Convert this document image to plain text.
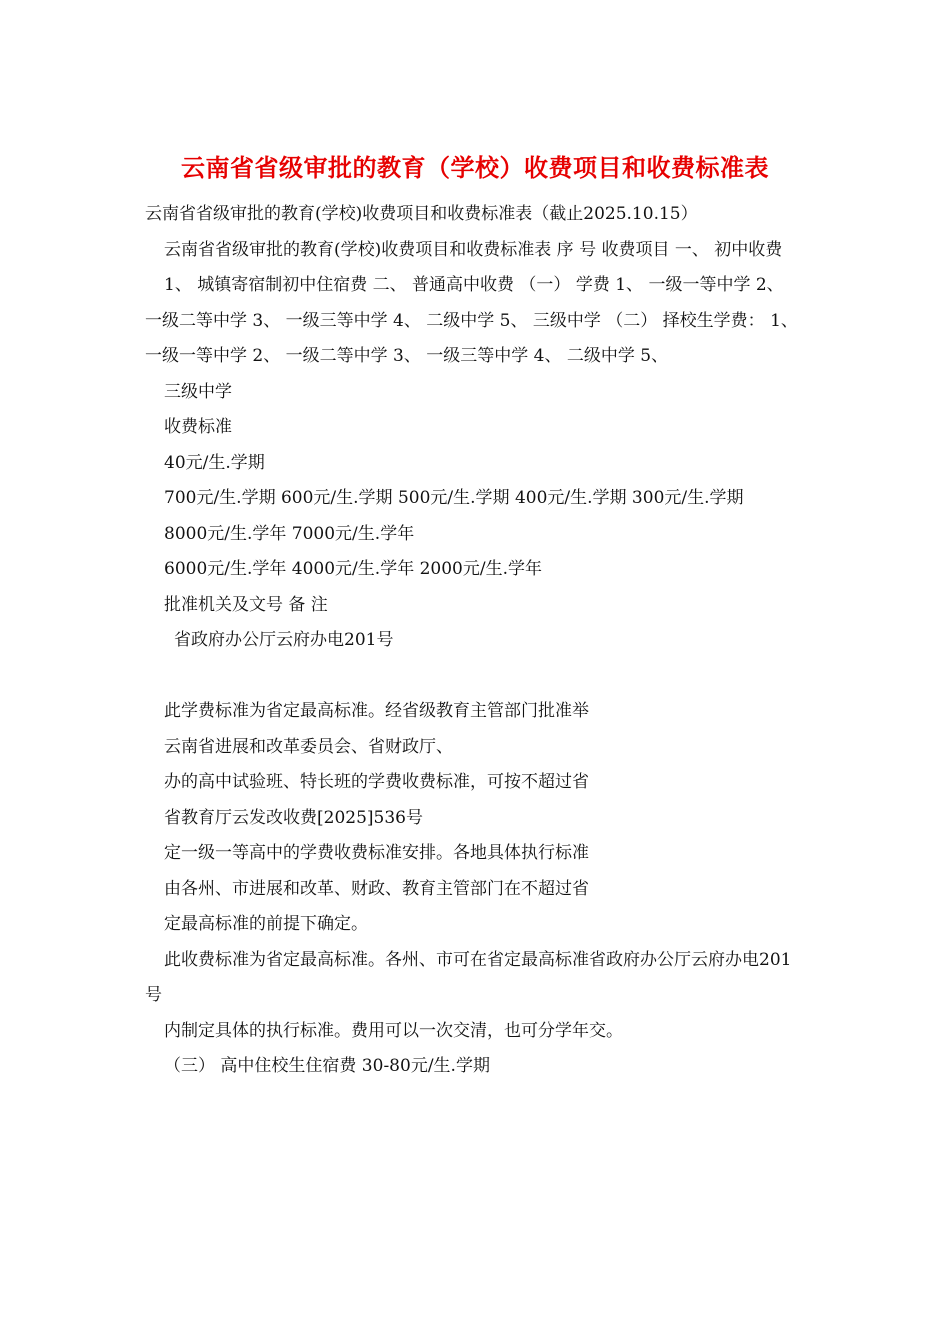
云南省省级审批的教育（学校）收费项目和收费标准表

云南省省级审批的教育(学校)收费项目和收费标准表（截止2025.10.15）

云南省省级审批的教育(学校)收费项目和收费标准表 序 号 收费项目 一、 初中收费

1、 城镇寄宿制初中住宿费 二、 普通高中收费 （一） 学费 1、 一级一等中学 2、 一级二等中学 3、 一级三等中学 4、 二级中学 5、 三级中学 （二） 择校生学费： 1、 一级一等中学 2、 一级二等中学 3、 一级三等中学 4、 二级中学 5、

三级中学

收费标准

40元/生.学期

700元/生.学期 600元/生.学期 500元/生.学期 400元/生.学期 300元/生.学期

8000元/生.学年 7000元/生.学年

6000元/生.学年 4000元/生.学年 2000元/生.学年

批准机关及文号 备 注

省政府办公厅云府办电201号

此学费标准为省定最高标准。经省级教育主管部门批准举

云南省进展和改革委员会、省财政厅、

办的高中试验班、特长班的学费收费标准，可按不超过省

省教育厅云发改收费[2025]536号

定一级一等高中的学费收费标准安排。各地具体执行标准

由各州、市进展和改革、财政、教育主管部门在不超过省

定最高标准的前提下确定。

此收费标准为省定最高标准。各州、市可在省定最高标准省政府办公厅云府办电201号

内制定具体的执行标准。费用可以一次交清，也可分学年交。

（三） 高中住校生住宿费 30-80元/生.学期
